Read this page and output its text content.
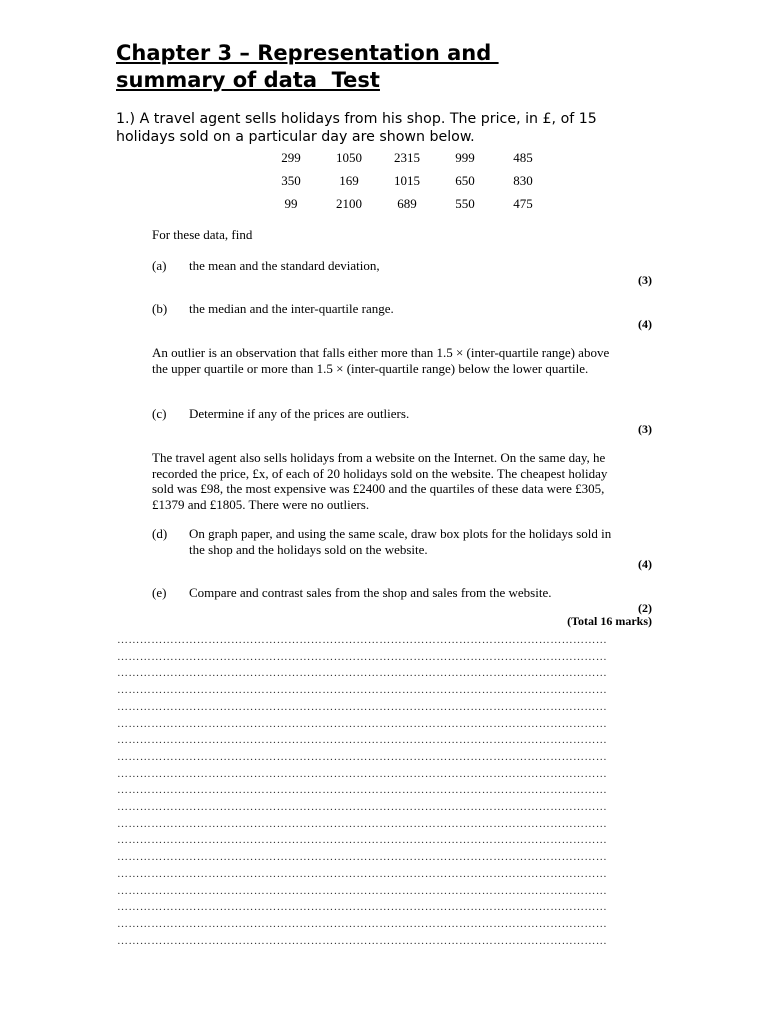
Chapter 3 – Representation and
summary of data  Test

1.) A travel agent sells holidays from his shop. The price, in £, of 15 holidays sold on a particular day are shown below.

299	1050	2315	999	485
350	169	1015	650	830
99	2100	689	550	475

For these data, find

(a) the mean and the standard deviation,
(3)
(b) the median and the inter-quartile range.
(4)

An outlier is an observation that falls either more than 1.5 × (inter-quartile range) above the upper quartile or more than 1.5 × (inter-quartile range) below the lower quartile.

(c) Determine if any of the prices are outliers.
(3)

The travel agent also sells holidays from a website on the Internet. On the same day, he recorded the price, £x, of each of 20 holidays sold on the website. The cheapest holiday sold was £98, the most expensive was £2400 and the quartiles of these data were £305, £1379 and £1805. There were no outliers.

(d) On graph paper, and using the same scale, draw box plots for the holidays sold in the shop and the holidays sold on the website.
(4)
(e) Compare and contrast sales from the shop and sales from the website.
(2)
(Total 16 marks)
…………………………………………………………………………………………………………………
…………………………………………………………………………………………………………………
…………………………………………………………………………………………………………………
…………………………………………………………………………………………………………………
…………………………………………………………………………………………………………………
…………………………………………………………………………………………………………………
…………………………………………………………………………………………………………………
…………………………………………………………………………………………………………………
…………………………………………………………………………………………………………………
…………………………………………………………………………………………………………………
…………………………………………………………………………………………………………………
…………………………………………………………………………………………………………………
…………………………………………………………………………………………………………………
…………………………………………………………………………………………………………………
…………………………………………………………………………………………………………………
…………………………………………………………………………………………………………………
…………………………………………………………………………………………………………………
…………………………………………………………………………………………………………………
…………………………………………………………………………………………………………………
